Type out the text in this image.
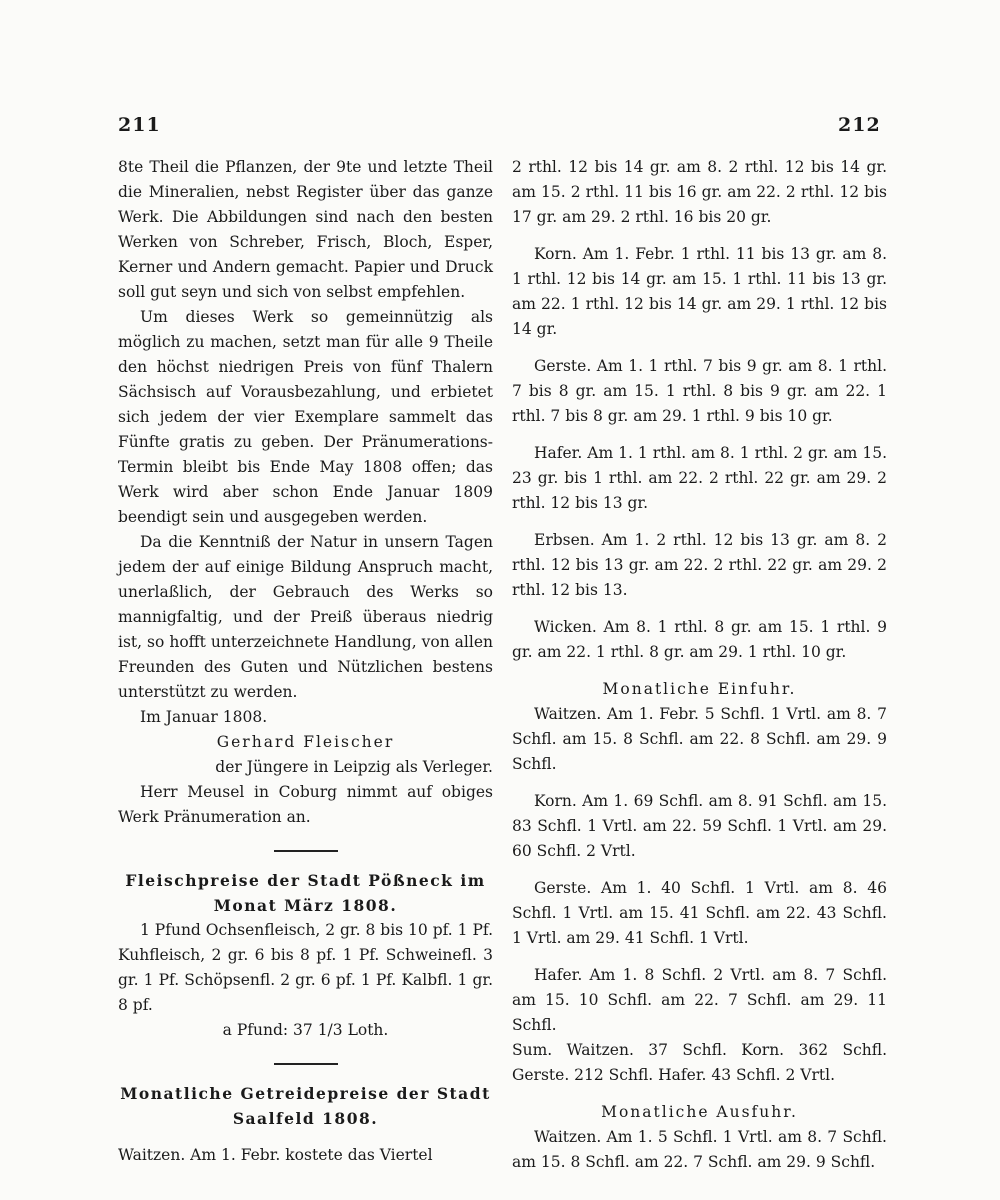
211	212

8te Theil die Pflanzen, der 9te und letzte Theil die Mineralien, nebst Register über das ganze Werk. Die Abbildungen sind nach den besten Werken von Schreber, Frisch, Bloch, Esper, Kerner und Andern gemacht. Papier und Druck soll gut seyn und sich von selbst empfehlen.

Um dieses Werk so gemeinnützig als möglich zu machen, setzt man für alle 9 Theile den höchst niedrigen Preis von fünf Thalern Sächsisch auf Vorausbezahlung, und erbietet sich jedem der vier Exemplare sammelt das Fünfte gratis zu geben. Der Pränumerations-Termin bleibt bis Ende May 1808 offen; das Werk wird aber schon Ende Januar 1809 beendigt sein und ausgegeben werden.

Da die Kenntniß der Natur in unsern Tagen jedem der auf einige Bildung Anspruch macht, unerlaßlich, der Gebrauch des Werks so mannigfaltig, und der Preiß überaus niedrig ist, so hofft unterzeichnete Handlung, von allen Freunden des Guten und Nützlichen bestens unterstützt zu werden.

Im Januar 1808.

Gerhard Fleischer

der Jüngere in Leipzig als Verleger.

Herr Meusel in Coburg nimmt auf obiges Werk Pränumeration an.

Fleischpreise der Stadt Pößneck im Monat März 1808.

1 Pfund Ochsenfleisch, 2 gr. 8 bis 10 pf. 1 Pf. Kuhfleisch, 2 gr. 6 bis 8 pf. 1 Pf. Schweinefl. 3 gr. 1 Pf. Schöpsenfl. 2 gr. 6 pf. 1 Pf. Kalbfl. 1 gr. 8 pf.

a Pfund: 37 1/3 Loth.

Monatliche Getreidepreise der Stadt Saalfeld 1808.

Waitzen. Am 1. Febr. kostete das Viertel

2 rthl. 12 bis 14 gr. am 8. 2 rthl. 12 bis 14 gr. am 15. 2 rthl. 11 bis 16 gr. am 22. 2 rthl. 12 bis 17 gr. am 29. 2 rthl. 16 bis 20 gr.

Korn. Am 1. Febr. 1 rthl. 11 bis 13 gr. am 8. 1 rthl. 12 bis 14 gr. am 15. 1 rthl. 11 bis 13 gr. am 22. 1 rthl. 12 bis 14 gr. am 29. 1 rthl. 12 bis 14 gr.

Gerste. Am 1. 1 rthl. 7 bis 9 gr. am 8. 1 rthl. 7 bis 8 gr. am 15. 1 rthl. 8 bis 9 gr. am 22. 1 rthl. 7 bis 8 gr. am 29. 1 rthl. 9 bis 10 gr.

Hafer. Am 1. 1 rthl. am 8. 1 rthl. 2 gr. am 15. 23 gr. bis 1 rthl. am 22. 2 rthl. 22 gr. am 29. 2 rthl. 12 bis 13 gr.

Erbsen. Am 1. 2 rthl. 12 bis 13 gr. am 8. 2 rthl. 12 bis 13 gr. am 22. 2 rthl. 22 gr. am 29. 2 rthl. 12 bis 13.

Wicken. Am 8. 1 rthl. 8 gr. am 15. 1 rthl. 9 gr. am 22. 1 rthl. 8 gr. am 29. 1 rthl. 10 gr.

Monatliche Einfuhr.

Waitzen. Am 1. Febr. 5 Schfl. 1 Vrtl. am 8. 7 Schfl. am 15. 8 Schfl. am 22. 8 Schfl. am 29. 9 Schfl.

Korn. Am 1. 69 Schfl. am 8. 91 Schfl. am 15. 83 Schfl. 1 Vrtl. am 22. 59 Schfl. 1 Vrtl. am 29. 60 Schfl. 2 Vrtl.

Gerste. Am 1. 40 Schfl. 1 Vrtl. am 8. 46 Schfl. 1 Vrtl. am 15. 41 Schfl. am 22. 43 Schfl. 1 Vrtl. am 29. 41 Schfl. 1 Vrtl.

Hafer. Am 1. 8 Schfl. 2 Vrtl. am 8. 7 Schfl. am 15. 10 Schfl. am 22. 7 Schfl. am 29. 11 Schfl.

Sum. Waitzen. 37 Schfl. Korn. 362 Schfl. Gerste. 212 Schfl. Hafer. 43 Schfl. 2 Vrtl.

Monatliche Ausfuhr.

Waitzen. Am 1. 5 Schfl. 1 Vrtl. am 8. 7 Schfl. am 15. 8 Schfl. am 22. 7 Schfl. am 29. 9 Schfl.
